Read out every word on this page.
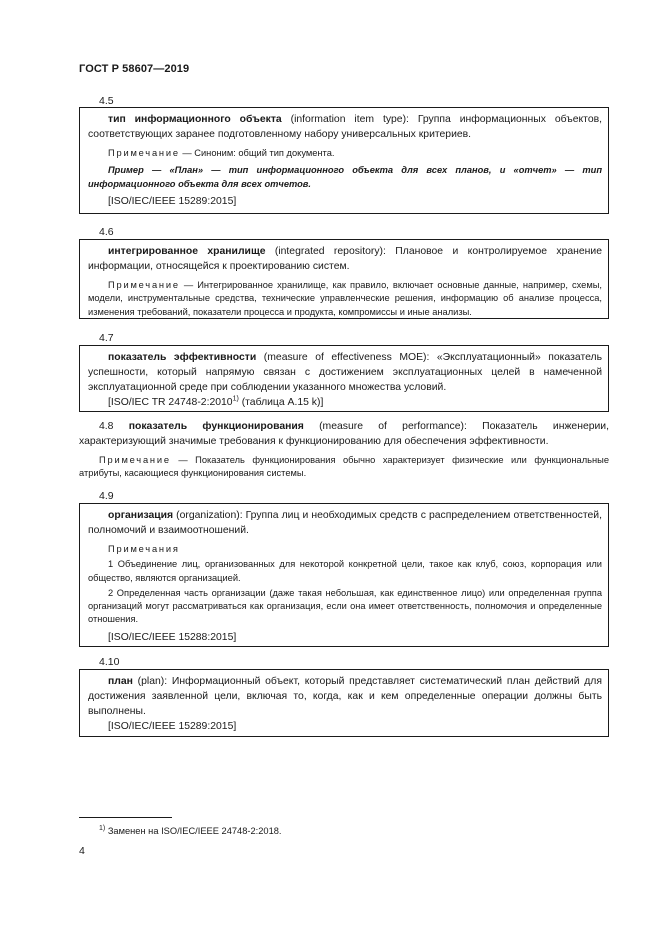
ГОСТ Р 58607—2019
4.5

тип информационного объекта (information item type): Группа информационных объектов, соответствующих заранее подготовленному набору универсальных критериев.

Примечание — Синоним: общий тип документа.

Пример — «План» — тип информационного объекта для всех планов, и «отчет» — тип информационного объекта для всех отчетов.

[ISO/IEC/IEEE 15289:2015]

4.6

интегрированное хранилище (integrated repository): Плановое и контролируемое хранение информации, относящейся к проектированию систем.

Примечание — Интегрированное хранилище, как правило, включает основные данные, например, схемы, модели, инструментальные средства, технические управленческие решения, информацию об анализе процесса, изменения требований, показатели процесса и продукта, компромиссы и иные анализы.

4.7

показатель эффективности (measure of effectiveness MOE): «Эксплуатационный» показатель успешности, который напрямую связан с достижением эксплуатационных целей в намеченной эксплуатационной среде при соблюдении указанного множества условий.

[ISO/IEC TR 24748-2:2010$^{1)}$ (таблица А.15 k)]

4.8 показатель функционирования (measure of performance): Показатель инженерии, характеризующий значимые требования к функционированию для обеспечения эффективности.

Примечание — Показатель функционирования обычно характеризует физические или функциональные атрибуты, касающиеся функционирования системы.

4.9

организация (organization): Группа лиц и необходимых средств с распределением ответственностей, полномочий и взаимоотношений.

Примечания

1 Объединение лиц, организованных для некоторой конкретной цели, такое как клуб, союз, корпорация или общество, являются организацией.

2 Определенная часть организации (даже такая небольшая, как единственное лицо) или определенная группа организаций могут рассматриваться как организация, если она имеет ответственность, полномочия и определенные отношения.

[ISO/IEC/IEEE 15288:2015]

4.10

план (plan): Информационный объект, который представляет систематический план действий для достижения заявленной цели, включая то, когда, как и кем определенные операции должны быть выполнены.

[ISO/IEC/IEEE 15289:2015]

$^{1)}$ Заменен на ISO/IEC/IEEE 24748-2:2018.
4
